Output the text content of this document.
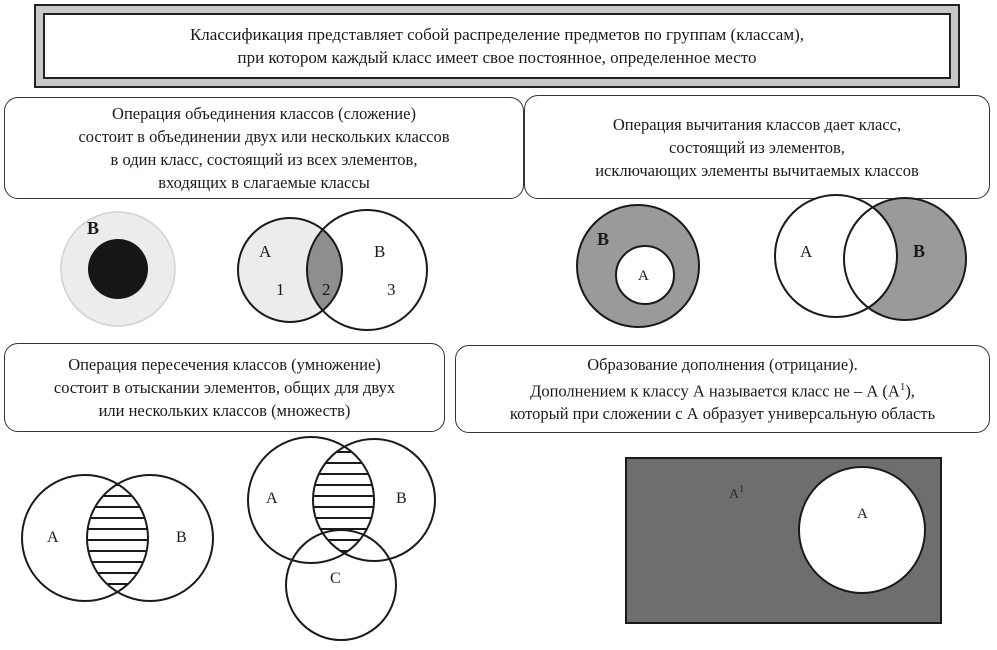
Классификация представляет собой распределение предметов по группам (классам),
при котором каждый класс имеет свое постоянное, определенное место
Операция объединения классов (сложение)
состоит в объединении двух или нескольких классов
в один класс, состоящий из всех элементов,
входящих в слагаемые классы
Операция вычитания классов дает класс,
состоящий из элементов,
исключающих элементы вычитаемых классов
Операция пересечения классов (умножение)
состоит в отыскании элементов, общих для двух
или нескольких классов (множеств)
Образование дополнения (отрицание).
Дополнением к классу А называется класс не – А $(А^1)$,
который при сложении с А образует универсальную область
В
А	В
1 2	3
В
А
А	В
А	В
А	В
С
$А^1$
А
